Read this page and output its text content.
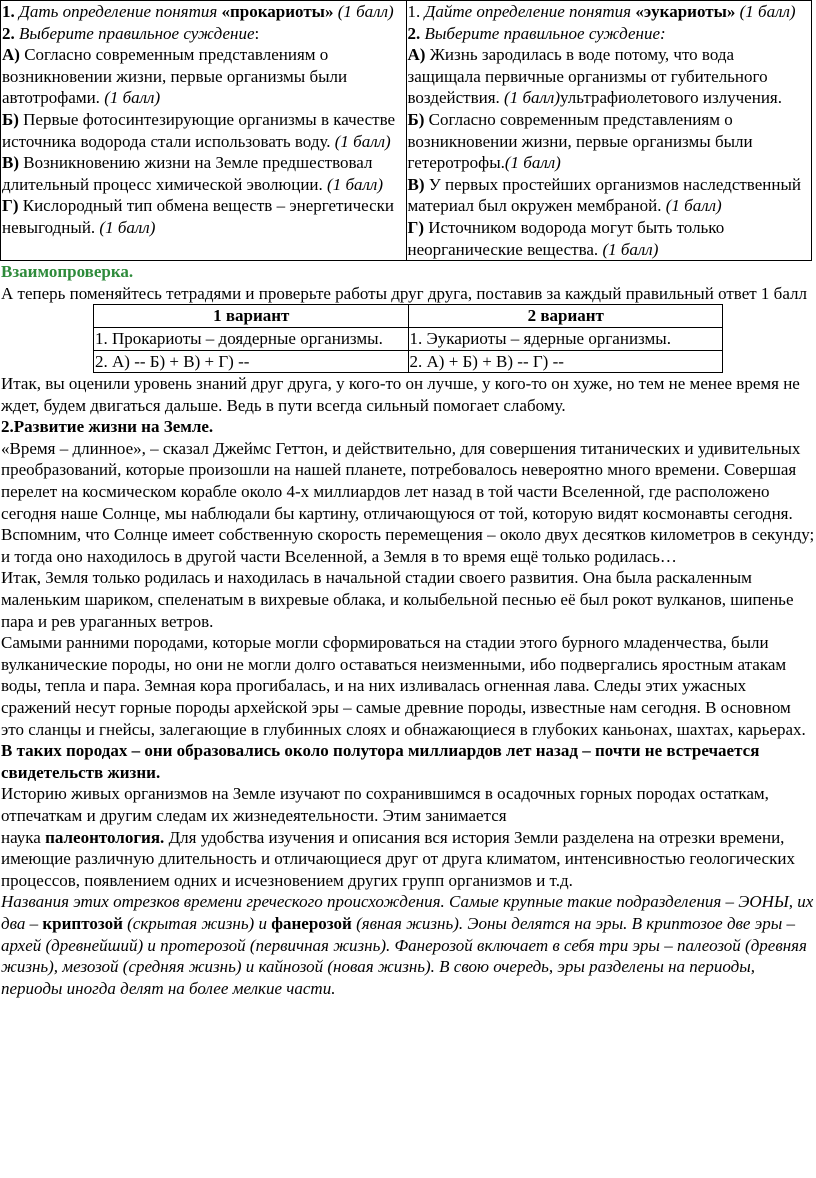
1. Дать определение понятия «прокариоты» (1 балл)
2. Выберите правильное суждение:
А) Согласно современным представлениям о возникновении жизни, первые организмы были автотрофами. (1 балл)
Б) Первые фотосинтезирующие организмы в качестве источника водорода стали использовать воду. (1 балл)
В) Возникновению жизни на Земле предшествовал длительный процесс химической эволюции. (1 балл)
Г) Кислородный тип обмена веществ – энергетически невыгодный. (1 балл)

1. Дайте определение понятия «эукариоты» (1 балл)
2. Выберите правильное суждение:
А) Жизнь зародилась в воде потому, что вода защищала первичные организмы от губительного воздействия. (1 балл)ультрафиолетового излучения.
Б) Согласно современным представлениям о возникновении жизни, первые организмы были гетеротрофы.(1 балл)
В) У первых простейших организмов наследственный материал был окружен мембраной. (1 балл)
Г) Источником водорода могут быть только неорганические вещества. (1 балл)

Взаимопроверка.

А теперь поменяйтесь тетрадями и проверьте работы друг друга, поставив за каждый правильный ответ 1 балл

1 вариант	2 вариант
1. Прокариоты – доядерные организмы.	1. Эукариоты – ядерные организмы.
2. А) -- Б) + В) + Г) --	2. А) + Б) + В) -- Г) --

Итак, вы оценили уровень знаний друг друга, у кого-то он лучше, у кого-то он хуже, но тем не менее время не ждет, будем двигаться дальше. Ведь в пути всегда сильный помогает слабому.

2.Развитие жизни на Земле.

«Время – длинное», – сказал Джеймс Геттон, и действительно, для совершения титанических и удивительных преобразований, которые произошли на нашей планете, потребовалось невероятно много времени. Совершая перелет на космическом корабле около 4-х миллиардов лет назад в той части Вселенной, где расположено сегодня наше Солнце, мы наблюдали бы картину, отличающуюся от той, которую видят космонавты сегодня. Вспомним, что Солнце имеет собственную скорость перемещения – около двух десятков километров в секунду; и тогда оно находилось в другой части Вселенной, а Земля в то время ещё только родилась…

Итак, Земля только родилась и находилась в начальной стадии своего развития. Она была раскаленным маленьким шариком, спеленатым в вихревые облака, и колыбельной песнью её был рокот вулканов, шипенье пара и рев ураганных ветров.

Самыми ранними породами, которые могли сформироваться на стадии этого бурного младенчества, были вулканические породы, но они не могли долго оставаться неизменными, ибо подвергались яростным атакам воды, тепла и пара. Земная кора прогибалась, и на них изливалась огненная лава. Следы этих ужасных сражений несут горные породы архейской эры – самые древние породы, известные нам сегодня. В основном это сланцы и гнейсы, залегающие в глубинных слоях и обнажающиеся в глубоких каньонах, шахтах, карьерах.

В таких породах – они образовались около полутора миллиардов лет назад – почти не встречается свидетельств жизни.

Историю живых организмов на Земле изучают по сохранившимся в осадочных горных породах остаткам, отпечаткам и другим следам их жизнедеятельности. Этим занимается
наука палеонтология. Для удобства изучения и описания вся история Земли разделена на отрезки времени, имеющие различную длительность и отличающиеся друг от друга климатом, интенсивностью геологических процессов, появлением одних и исчезновением других групп организмов и т.д.

Названия этих отрезков времени греческого происхождения. Самые крупные такие подразделения – ЭОНЫ, их два – криптозой (скрытая жизнь) и фанерозой (явная жизнь). Эоны делятся на эры. В криптозое две эры – архей (древнейший) и протерозой (первичная жизнь). Фанерозой включает в себя три эры – палеозой (древняя жизнь), мезозой (средняя жизнь) и кайнозой (новая жизнь). В свою очередь, эры разделены на периоды, периоды иногда делят на более мелкие части.
